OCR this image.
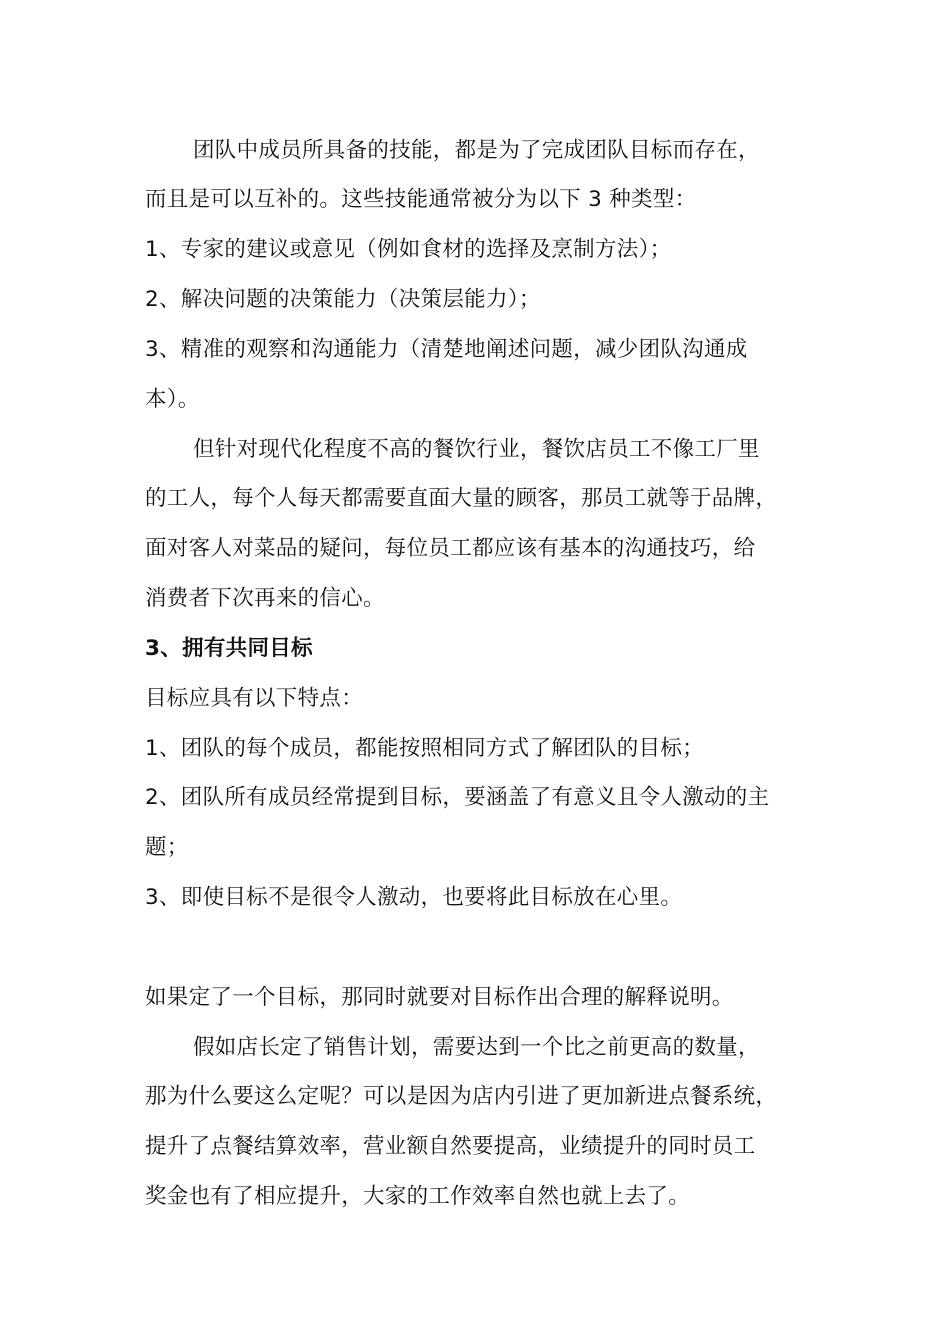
团队中成员所具备的技能，都是为了完成团队目标而存在，
而且是可以互补的。这些技能通常被分为以下 3 种类型：
1、专家的建议或意见（例如食材的选择及烹制方法）；
2、解决问题的决策能力（决策层能力）；
3、精准的观察和沟通能力（清楚地阐述问题，减少团队沟通成
本）。
但针对现代化程度不高的餐饮行业，餐饮店员工不像工厂里
的工人，每个人每天都需要直面大量的顾客，那员工就等于品牌，
面对客人对菜品的疑问，每位员工都应该有基本的沟通技巧，给
消费者下次再来的信心。
3、拥有共同目标
目标应具有以下特点：
1、团队的每个成员，都能按照相同方式了解团队的目标；
2、团队所有成员经常提到目标，要涵盖了有意义且令人激动的主
题；
3、即使目标不是很令人激动，也要将此目标放在心里。
如果定了一个目标，那同时就要对目标作出合理的解释说明。
假如店长定了销售计划，需要达到一个比之前更高的数量，
那为什么要这么定呢？可以是因为店内引进了更加新进点餐系统，
提升了点餐结算效率，营业额自然要提高，业绩提升的同时员工
奖金也有了相应提升，大家的工作效率自然也就上去了。
